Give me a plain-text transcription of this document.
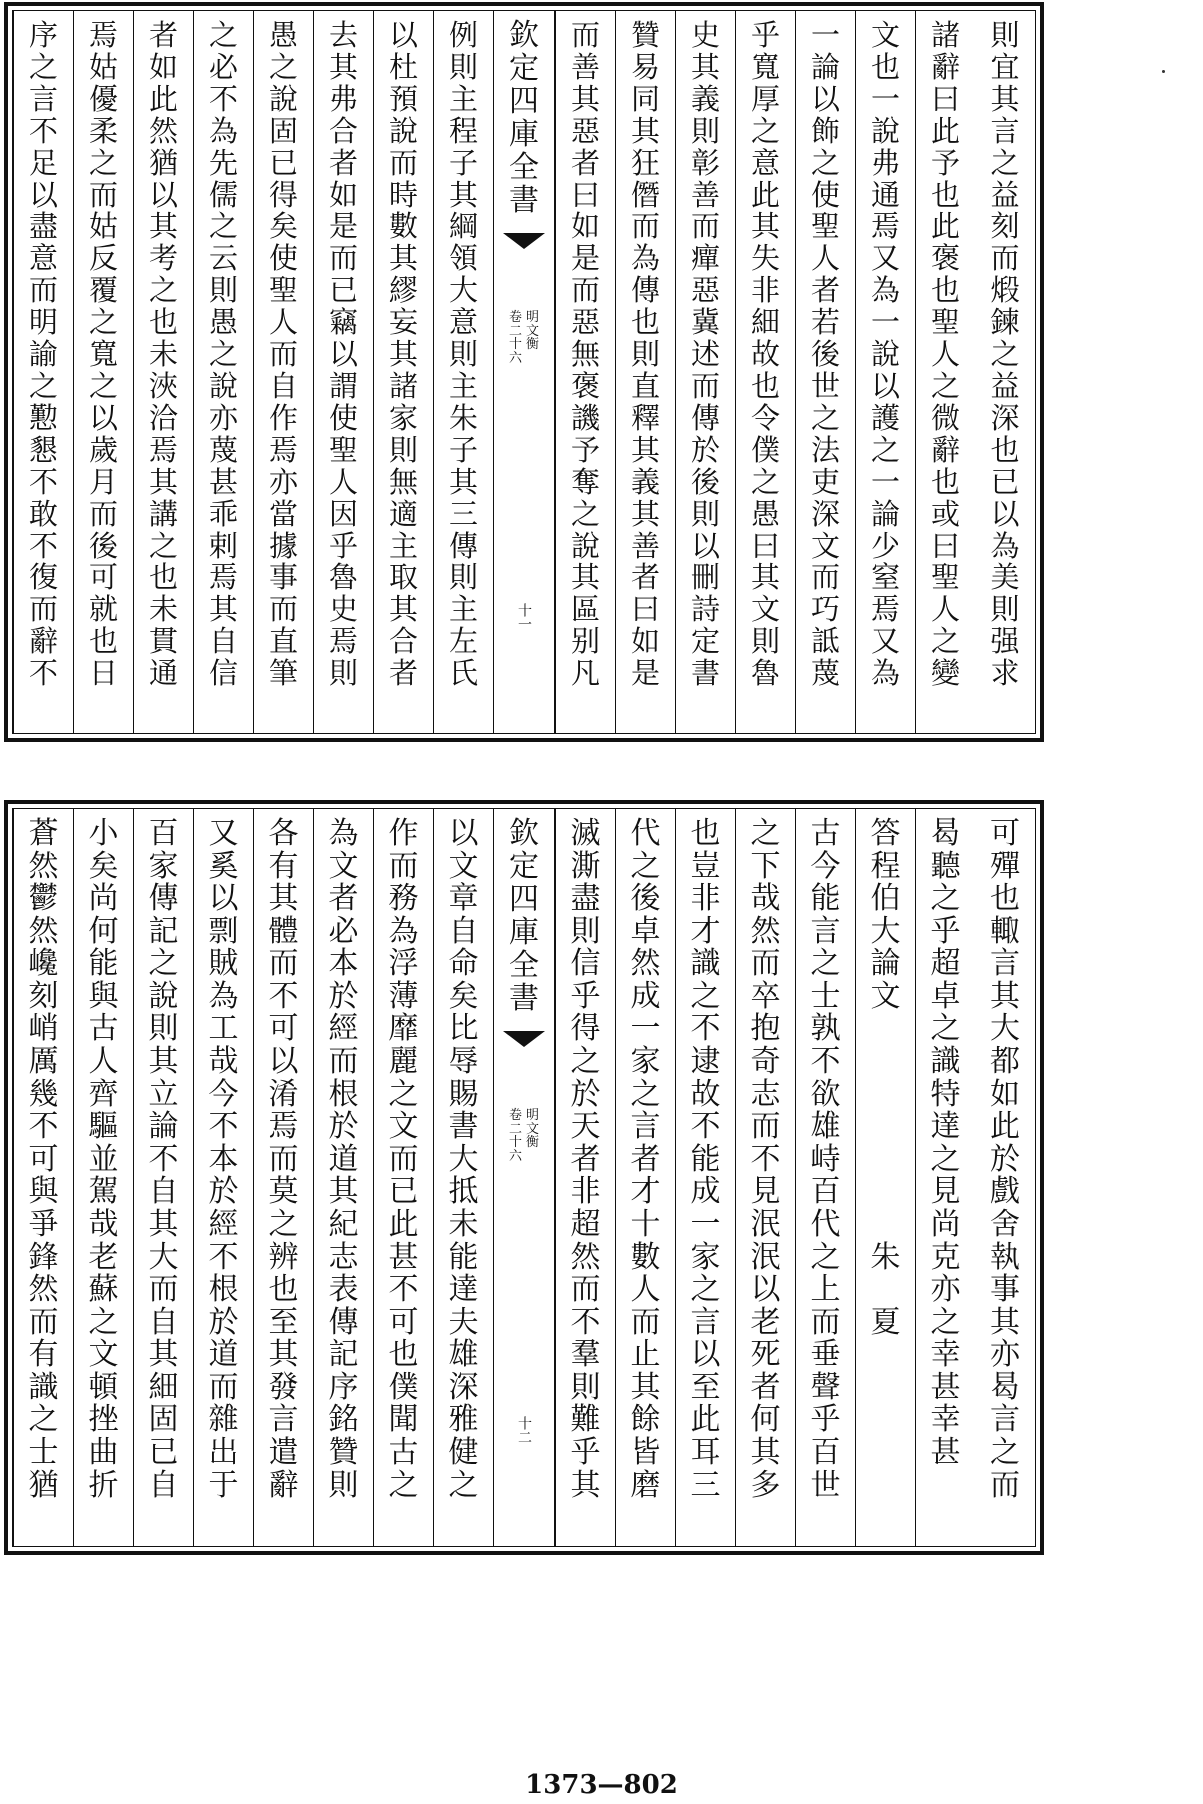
則
宜
其
言
之
益
刻
而
煅
鍊
之
益
深
也
已
以
為
美
則
强
求
諸
辭
曰
此
予
也
此
褒
也
聖
人
之
微
辭
也
或
曰
聖
人
之
變
文
也
一
說
弗
通
焉
又
為
一
說
以
護
之
一
論
少
窒
焉
又
為
一
論
以
飾
之
使
聖
人
者
若
後
世
之
法
吏
深
文
而
巧
詆
蔑
乎
寬
厚
之
意
此
其
失
非
細
故
也
令
僕
之
愚
曰
其
文
則
魯
史
其
義
則
彰
善
而
癉
惡
冀
述
而
傳
於
後
則
以
刪
詩
定
書
贊
易
同
其
狂
僭
而
為
傳
也
則
直
釋
其
義
其
善
者
曰
如
是
而
善
其
惡
者
曰
如
是
而
惡
無
褒
譏
予
奪
之
說
其
區
别
凡
欽
定
四
庫
全
書
明
文
衡
卷
二
十
六
十一
例
則
主
程
子
其
綱
領
大
意
則
主
朱
子
其
三
傳
則
主
左
氏
以
杜
預
說
而
時
數
其
繆
妄
其
諸
家
則
無
適
主
取
其
合
者
去
其
弗
合
者
如
是
而
已
竊
以
謂
使
聖
人
因
乎
魯
史
焉
則
愚
之
說
固
已
得
矣
使
聖
人
而
自
作
焉
亦
當
據
事
而
直
筆
之
必
不
為
先
儒
之
云
則
愚
之
說
亦
蔑
甚
乖
剌
焉
其
自
信
者
如
此
然
猶
以
其
考
之
也
未
浹
洽
焉
其
講
之
也
未
貫
通
焉
姑
優
柔
之
而
姑
反
覆
之
寬
之
以
歲
月
而
後
可
就
也
日
序
之
言
不
足
以
盡
意
而
明
諭
之
懃
懇
不
敢
不
復
而
辭
不
可
殫
也
輙
言
其
大
都
如
此
於
戲
舍
執
事
其
亦
曷
言
之
而
曷
聽
之
乎
超
卓
之
識
特
達
之
見
尚
克
亦
之
幸
甚
幸
甚
答
程
伯
大
論
文

朱

夏
古
今
能
言
之
士
孰
不
欲
雄
峙
百
代
之
上
而
垂
聲
乎
百
世
之
下
哉
然
而
卒
抱
奇
志
而
不
見
泯
泯
以
老
死
者
何
其
多
也
豈
非
才
識
之
不
逮
故
不
能
成
一
家
之
言
以
至
此
耳
三
代
之
後
卓
然
成
一
家
之
言
者
才
十
數
人
而
止
其
餘
皆
磨
滅
澌
盡
則
信
乎
得
之
於
天
者
非
超
然
而
不
羣
則
難
乎
其
欽
定
四
庫
全
書
明
文
衡
卷
二
十
六
十二
以
文
章
自
命
矣
比
辱
賜
書
大
抵
未
能
達
夫
雄
深
雅
健
之
作
而
務
為
浮
薄
靡
麗
之
文
而
已
此
甚
不
可
也
僕
聞
古
之
為
文
者
必
本
於
經
而
根
於
道
其
紀
志
表
傳
記
序
銘
贊
則
各
有
其
體
而
不
可
以
淆
焉
而
莫
之
辨
也
至
其
發
言
遣
辭
又
奚
以
剽
賊
為
工
哉
今
不
本
於
經
不
根
於
道
而
雜
出
于
百
家
傳
記
之
說
則
其
立
論
不
自
其
大
而
自
其
細
固
已
自
小
矣
尚
何
能
與
古
人
齊
驅
並
駕
哉
老
蘇
之
文
頓
挫
曲
折
蒼
然
鬱
然
巉
刻
峭
厲
幾
不
可
與
爭
鋒
然
而
有
識
之
士
猶
1373—802
